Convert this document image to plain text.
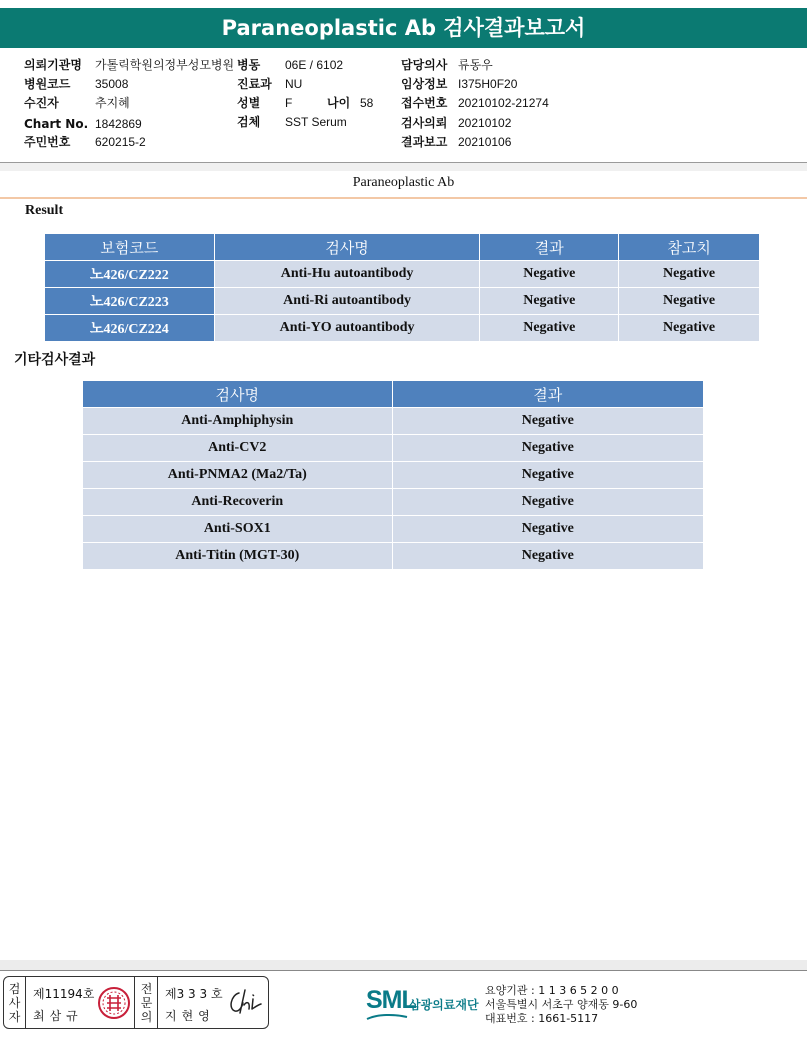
Paraneoplastic Ab 검사결과보고서
의뢰기관명 가톨릭학원의정부성모병원
병원코드 35008
수진자	추지혜
Chart No. 1842869
주민번호 620215-2
병동 06E / 6102
진료과 NU
성별 F	나이 58
검체 SST Serum
담당의사 류동우
임상정보 I375H0F20
접수번호 20210102-21274
검사의뢰 20210102
결과보고 20210106
Paraneoplastic Ab
Result
보험코드	검사명	결과	참고치
노426/CZ222	Anti-Hu autoantibody	Negative	Negative
노426/CZ223	Anti-Ri autoantibody	Negative	Negative
노426/CZ224	Anti-YO autoantibody	Negative	Negative
기타검사결과
검사명	결과
Anti-Amphiphysin	Negative
Anti-CV2	Negative
Anti-PNMA2 (Ma2/Ta)	Negative
Anti-Recoverin	Negative
Anti-SOX1	Negative
Anti-Titin (MGT-30)	Negative
검
사
자
제11194호
최삼규
전
문
의
제3 3 3 호
지현영
SML
삼광의료재단
요양기관 : 1 1 3 6 5 2 0 0
서울특별시 서초구 양재동 9-60
대표번호 : 1661-5117
